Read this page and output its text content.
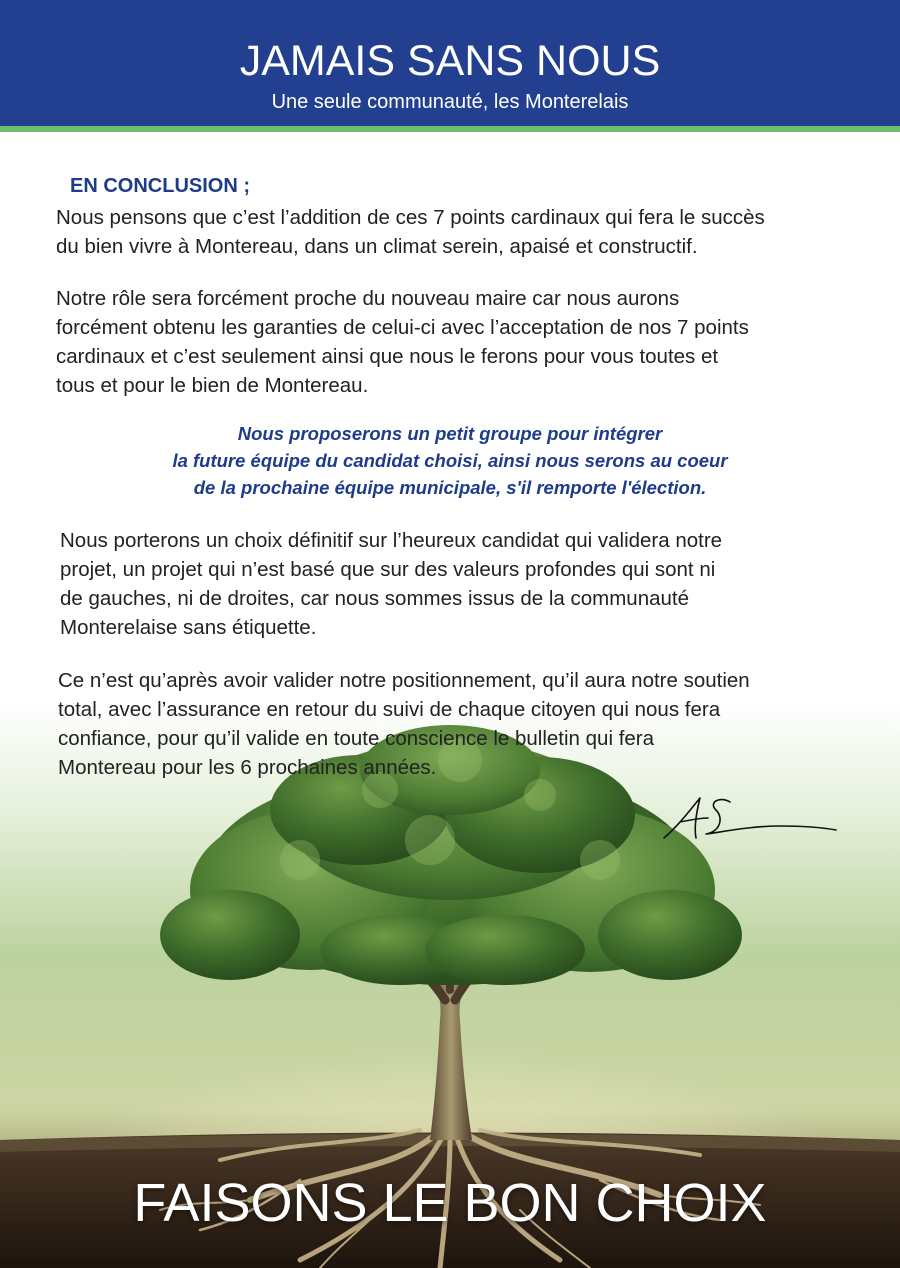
JAMAIS SANS NOUS
Une seule communauté, les Monterelais
EN CONCLUSION ;

Nous pensons que c’est l’addition de ces 7 points cardinaux qui fera le succès
du bien vivre à Montereau, dans un climat serein, apaisé et constructif.

Notre rôle sera forcément proche du nouveau maire car nous aurons
forcément obtenu les garanties de celui-ci avec l’acceptation de nos 7 points
cardinaux et c’est seulement ainsi que nous le ferons pour vous toutes et
tous et pour le bien de Montereau.

Nous proposerons un petit groupe pour intégrer
la future équipe du candidat choisi, ainsi nous serons au coeur
de la prochaine équipe municipale, s'il remporte l'élection.

Nous porterons un choix définitif sur l’heureux candidat qui validera notre
projet, un projet qui n’est basé que sur des valeurs profondes qui sont ni
de gauches, ni de droites, car nous sommes issus de la communauté
Monterelaise sans étiquette.

Ce n’est qu’après avoir valider notre positionnement, qu’il aura notre soutien
total, avec l’assurance en retour du suivi de chaque citoyen qui nous fera
confiance, pour qu’il valide en toute conscience le bulletin qui fera
Montereau pour les 6 prochaines années.

FAISONS LE BON CHOIX
